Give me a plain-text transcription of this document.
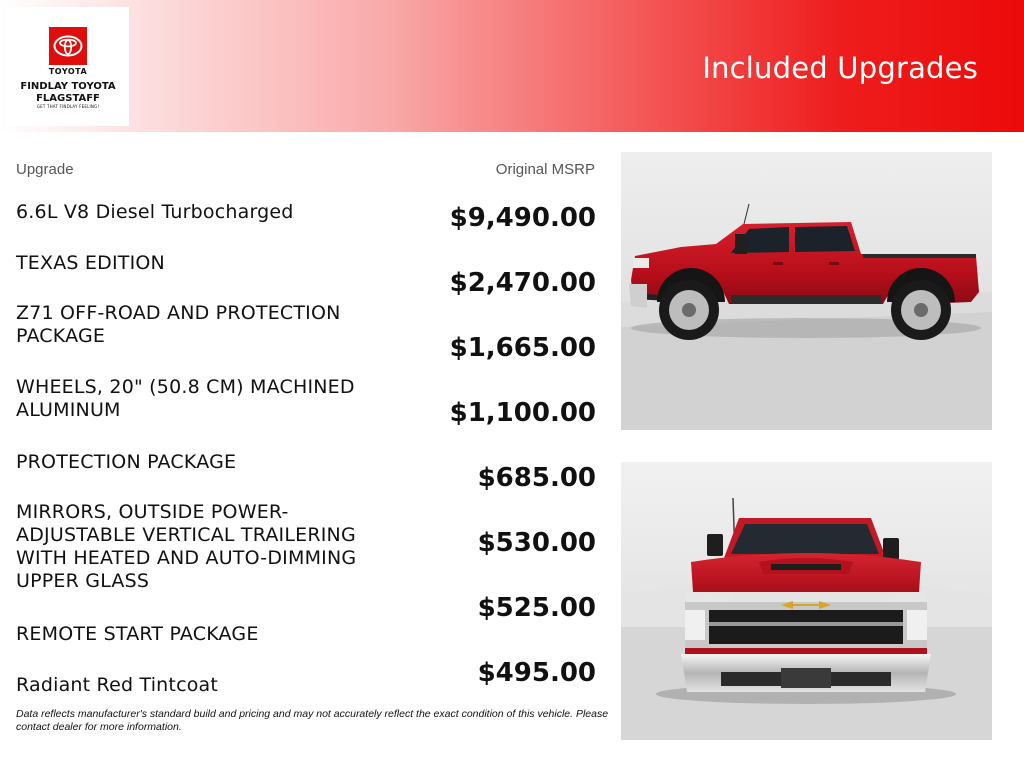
TOYOTA
FINDLAY TOYOTA
FLAGSTAFF
GET THAT FINDLAY FEELING!
Included Upgrades
Upgrade	Original MSRP
6.6L V8 Diesel Turbocharged
TEXAS EDITION
Z71 OFF-ROAD AND PROTECTION PACKAGE
WHEELS, 20" (50.8 CM) MACHINED ALUMINUM
PROTECTION PACKAGE
MIRRORS, OUTSIDE POWER-ADJUSTABLE VERTICAL TRAILERING WITH HEATED AND AUTO-DIMMING UPPER GLASS
REMOTE START PACKAGE
Radiant Red Tintcoat
$9,490.00
$2,470.00
$1,665.00
$1,100.00
$685.00
$530.00
$525.00
$495.00
Data reflects manufacturer's standard build and pricing and may not accurately reflect the exact condition of this vehicle. Please contact dealer for more information.
